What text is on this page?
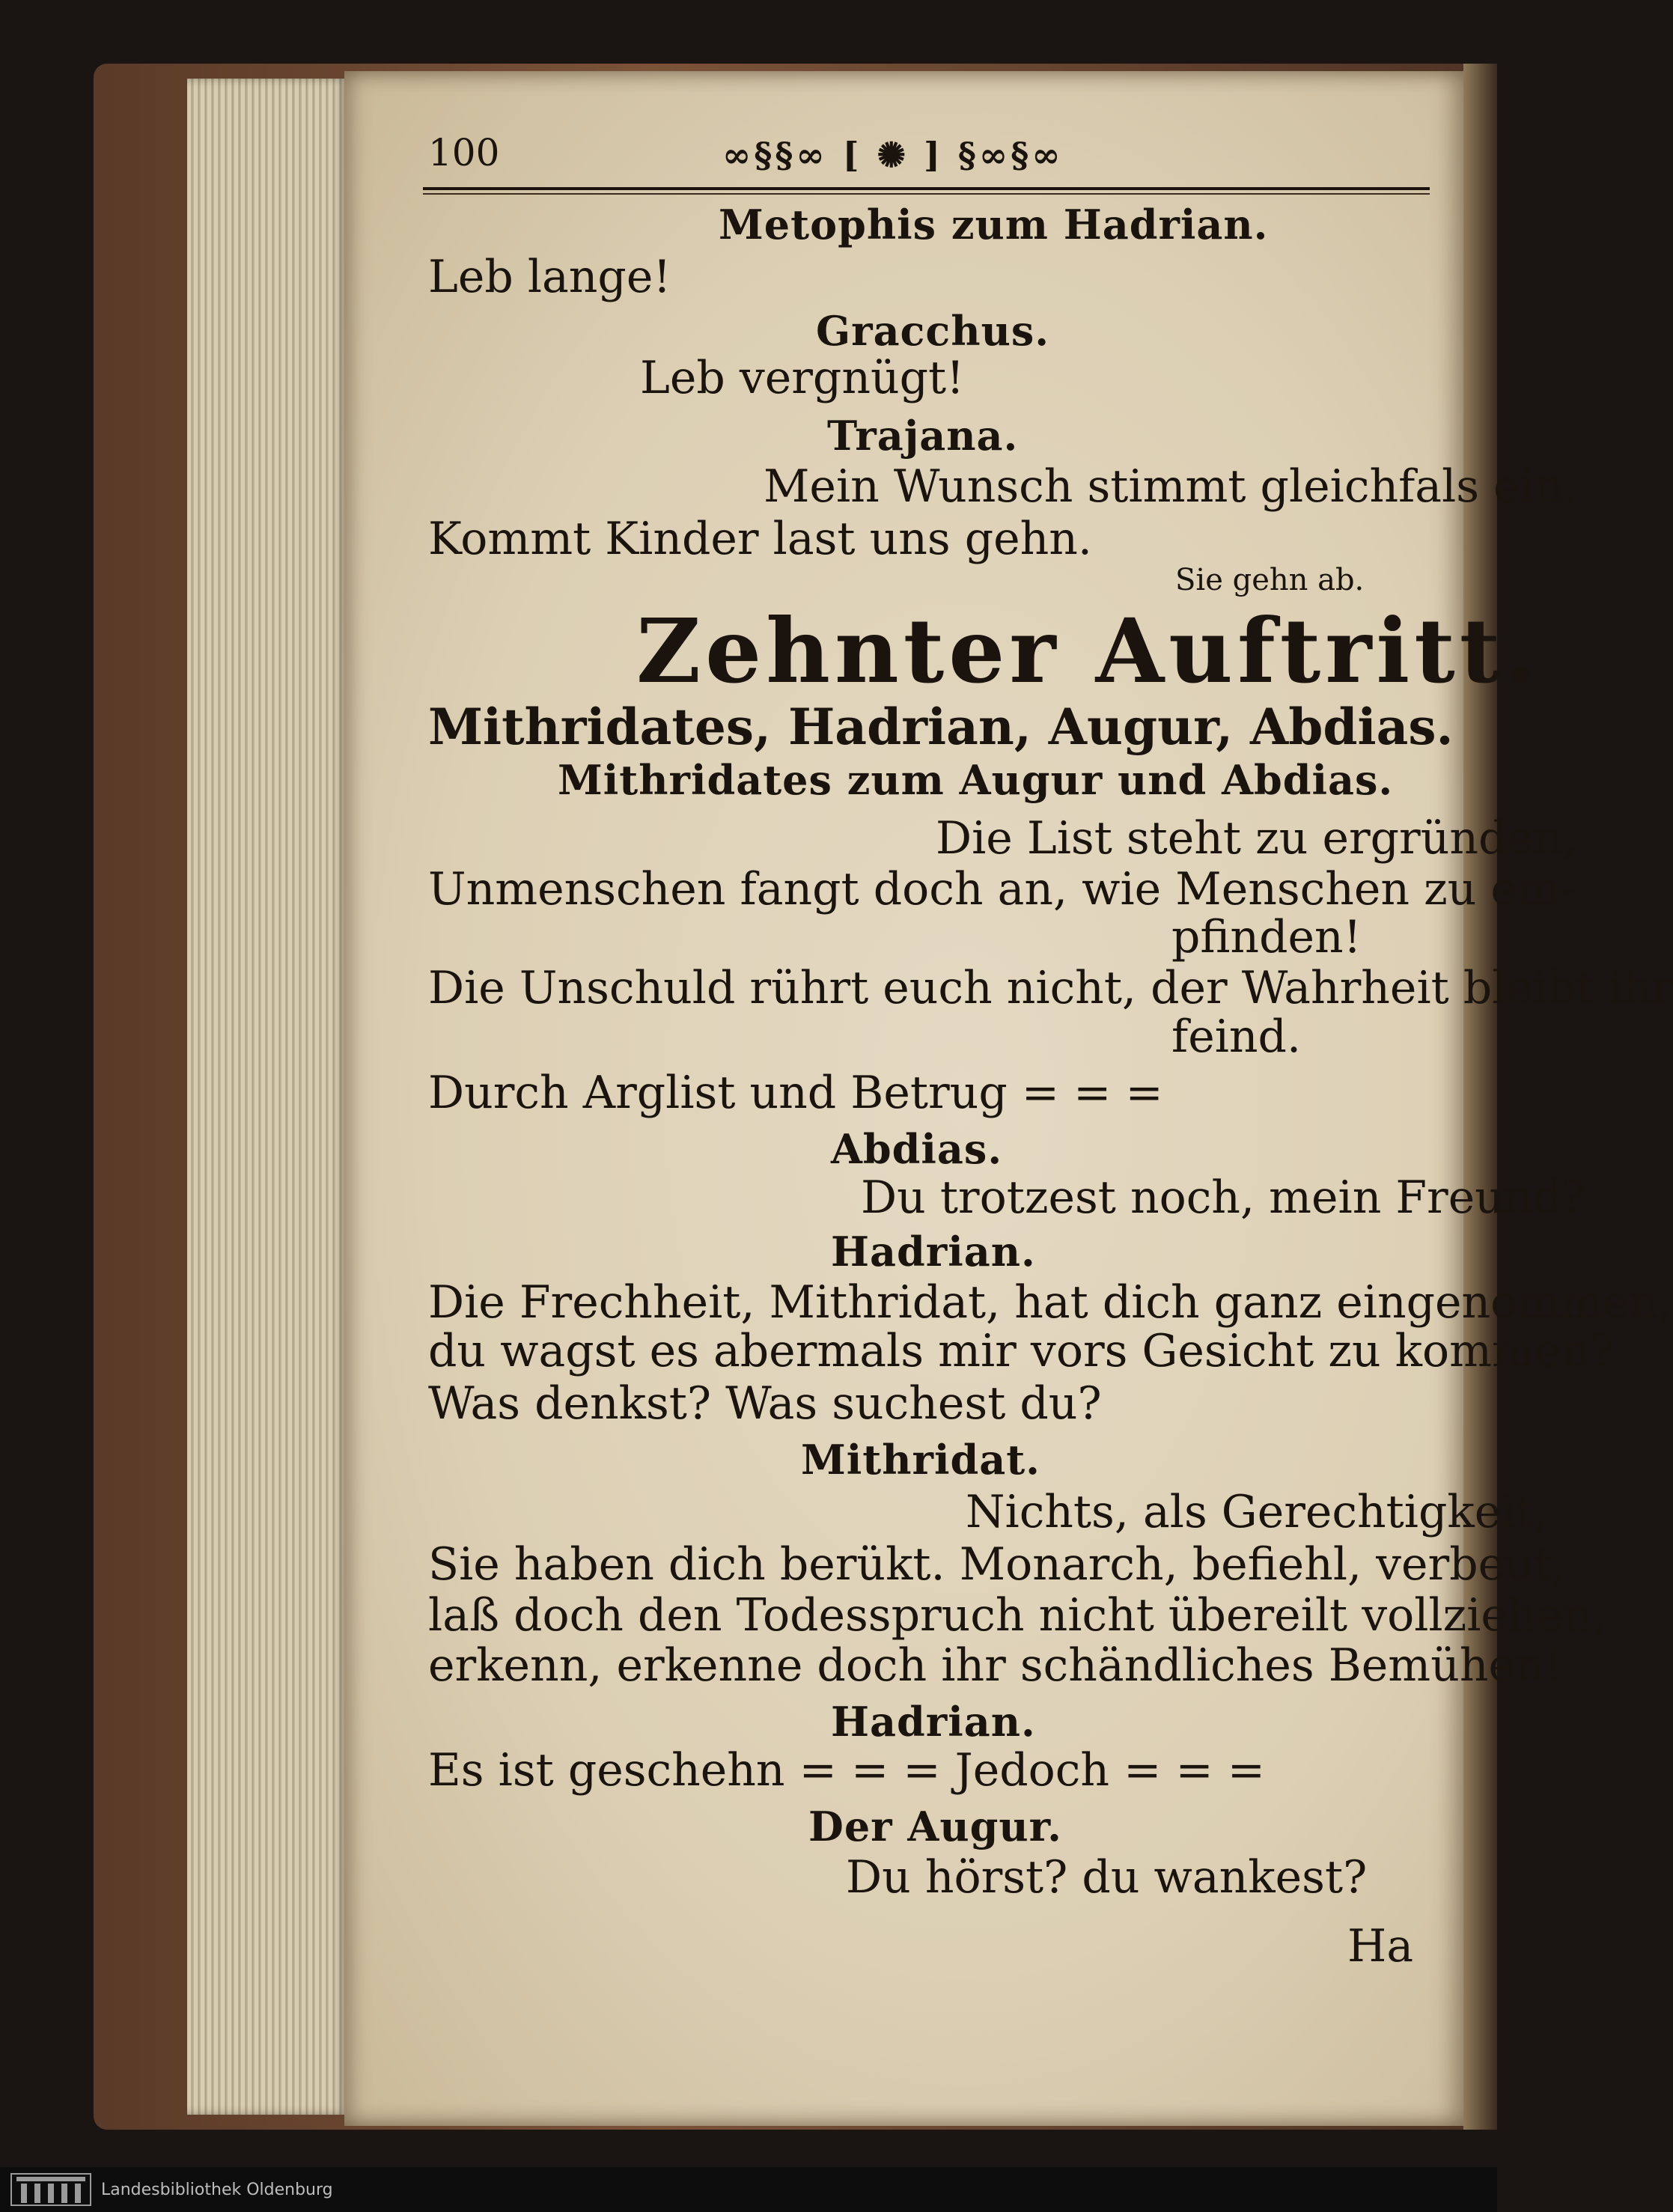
100	∞§§∞ [ ✺ ] §∞§∞
Metophis zum Hadrian.
Leb lange!
Gracchus.
Leb vergnügt!
Trajana.
Mein Wunsch stimmt gleichfals ein.
Kommt Kinder last uns gehn.
Sie gehn ab.
Zehnter Auftritt.
Mithridates, Hadrian, Augur, Abdias.
Mithridates zum Augur und Abdias.
Die List steht zu ergründen,
Unmenschen fangt doch an, wie Menschen zu em-
pfinden!
Die Unschuld rührt euch nicht, der Wahrheit bleibt ihr
feind.
Durch Arglist und Betrug = = =
Abdias.
Du trotzest noch, mein Freund?
Hadrian.
Die Frechheit, Mithridat, hat dich ganz eingenommen,
du wagst es abermals mir vors Gesicht zu kommen?
Was denkst? Was suchest du?
Mithridat.
Nichts, als Gerechtigkeit,
Sie haben dich berükt. Monarch, befiehl, verbeut,
laß doch den Todesspruch nicht übereilt vollziehen,
erkenn, erkenne doch ihr schändliches Bemühen!
Hadrian.
Es ist geschehn = = = Jedoch = = =
Der Augur.
Du hörst? du wankest?
Ha
Landesbibliothek Oldenburg
